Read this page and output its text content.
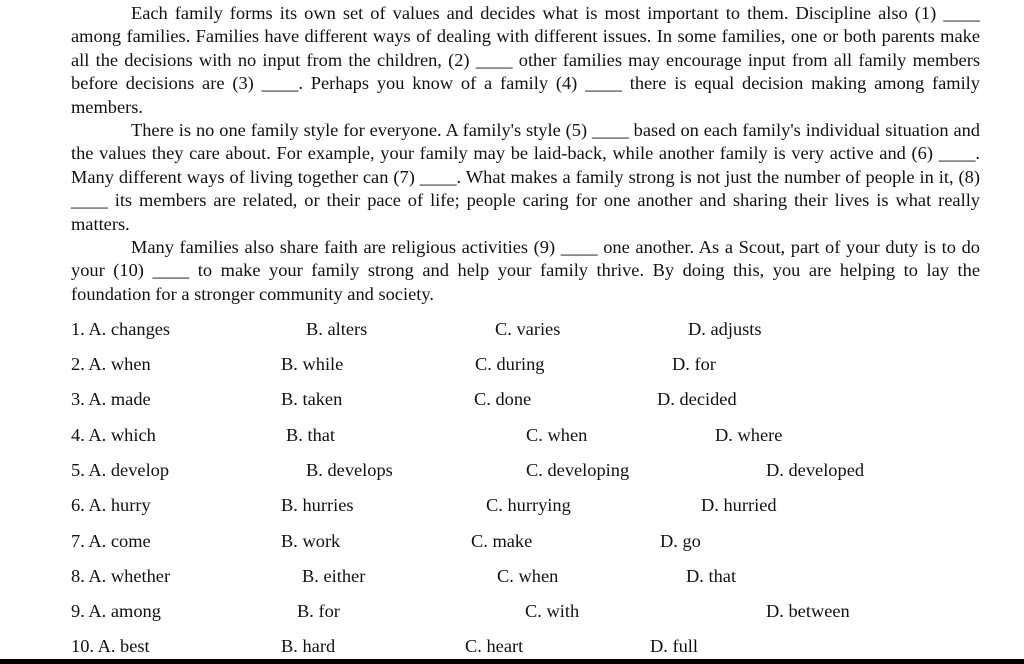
Each family forms its own set of values and decides what is most important to them. Discipline also (1) ____ among families. Families have different ways of dealing with different issues. In some families, one or both parents make all the decisions with no input from the children, (2) ____ other families may encourage input from all family members before decisions are (3) ____. Perhaps you know of a family (4) ____ there is equal decision making among family members.

There is no one family style for everyone. A family's style (5) ____ based on each family's individual situation and the values they care about. For example, your family may be laid-back, while another family is very active and (6) ____. Many different ways of living together can (7) ____. What makes a family strong is not just the number of people in it, (8) ____ its members are related, or their pace of life; people caring for one another and sharing their lives is what really matters.

Many families also share faith are religious activities (9) ____ one another. As a Scout, part of your duty is to do your (10) ____ to make your family strong and help your family thrive. By doing this, you are helping to lay the foundation for a stronger community and society.

1. A. changes	B. alters	C. varies	D. adjusts
2. A. when	B. while	C. during	D. for
3. A. made	B. taken	C. done	D. decided
4. A. which	B. that	C. when	D. where
5. A. develop	B. develops	C. developing	D. developed
6. A. hurry	B. hurries	C. hurrying	D. hurried
7. A. come	B. work	C. make	D. go
8. A. whether	B. either	C. when	D. that
9. A. among	B. for	C. with	D. between
10. A. best	B. hard	C. heart	D. full
